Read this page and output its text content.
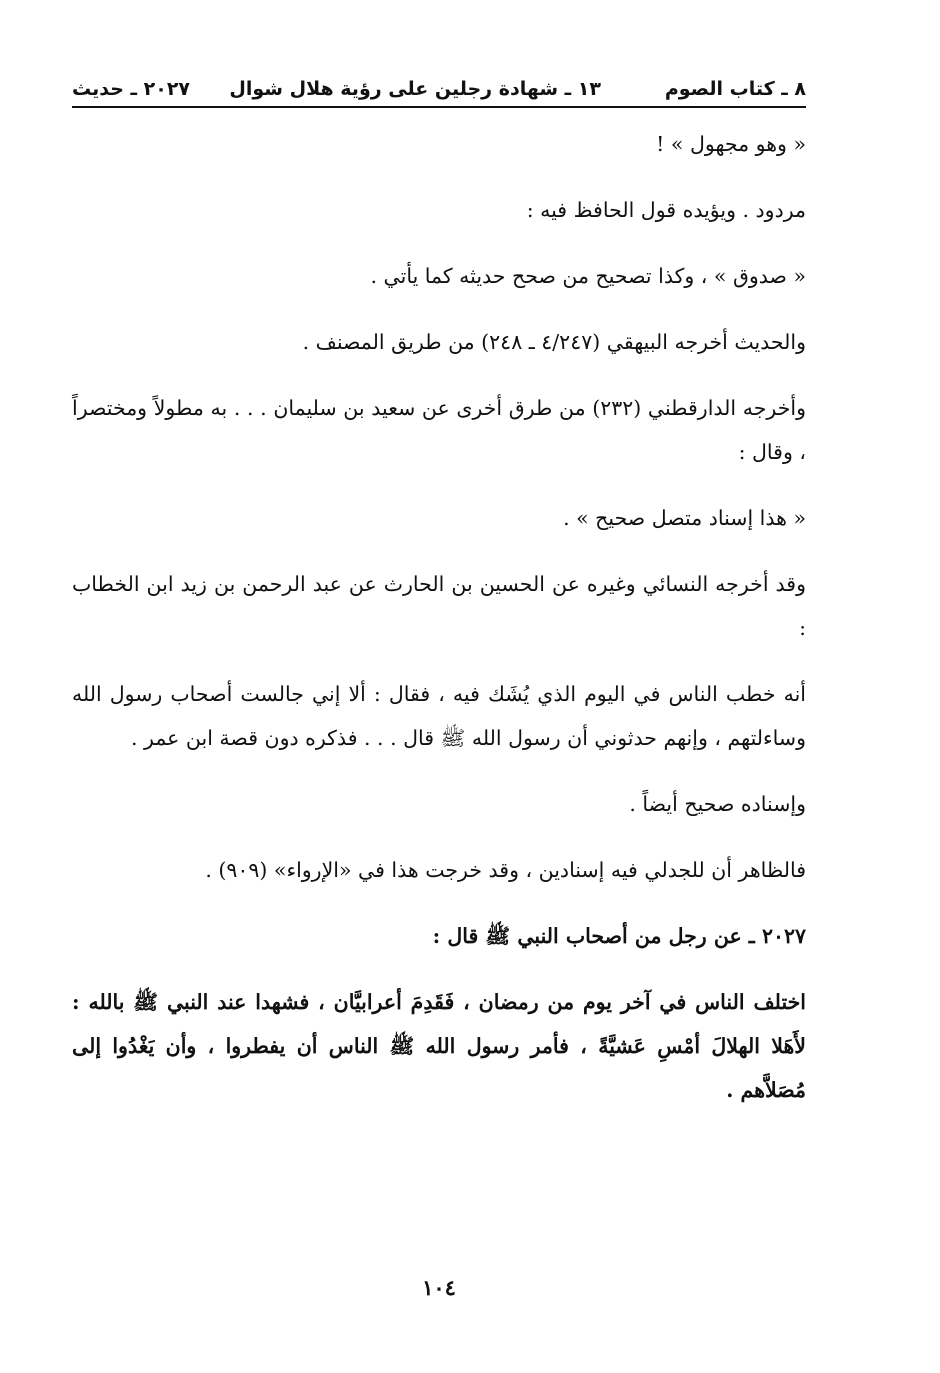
٨ ـ كتاب الصوم
١٣ ـ شهادة رجلين على رؤية هلال شوال
٢٠٢٧ ـ حديث

« وهو مجهول » !

مردود . ويؤيده قول الحافظ فيه :

« صدوق » ، وكذا تصحيح من صحح حديثه كما يأتي .

والحديث أخرجه البيهقي (٤/٢٤٧ ـ ٢٤٨) من طريق المصنف .

وأخرجه الدارقطني (٢٣٢) من طرق أخرى عن سعيد بن سليمان . . . به مطولاً ومختصراً ، وقال :

« هذا إسناد متصل صحيح » .

وقد أخرجه النسائي وغيره عن الحسين بن الحارث عن عبد الرحمن بن زيد ابن الخطاب :

أنه خطب الناس في اليوم الذي يُشَك فيه ، فقال : ألا إني جالست أصحاب رسول الله وساءلتهم ، وإنهم حدثوني أن رسول الله ﷺ قال . . . فذكره دون قصة ابن عمر .

وإسناده صحيح أيضاً .

فالظاهر أن للجدلي فيه إسنادين ، وقد خرجت هذا في «الإرواء» (٩٠٩) .

٢٠٢٧ ـ عن رجل من أصحاب النبي ﷺ قال :

اختلف الناس في آخر يوم من رمضان ، فَقَدِمَ أعرابيَّان ، فشهدا عند النبي ﷺ بالله : لأَهَلا الهلالَ أمْسِ عَشيَّةً ، فأمر رسول الله ﷺ الناس أن يفطروا ، وأن يَغْدُوا إلى مُصَلاَّهم .

١٠٤
